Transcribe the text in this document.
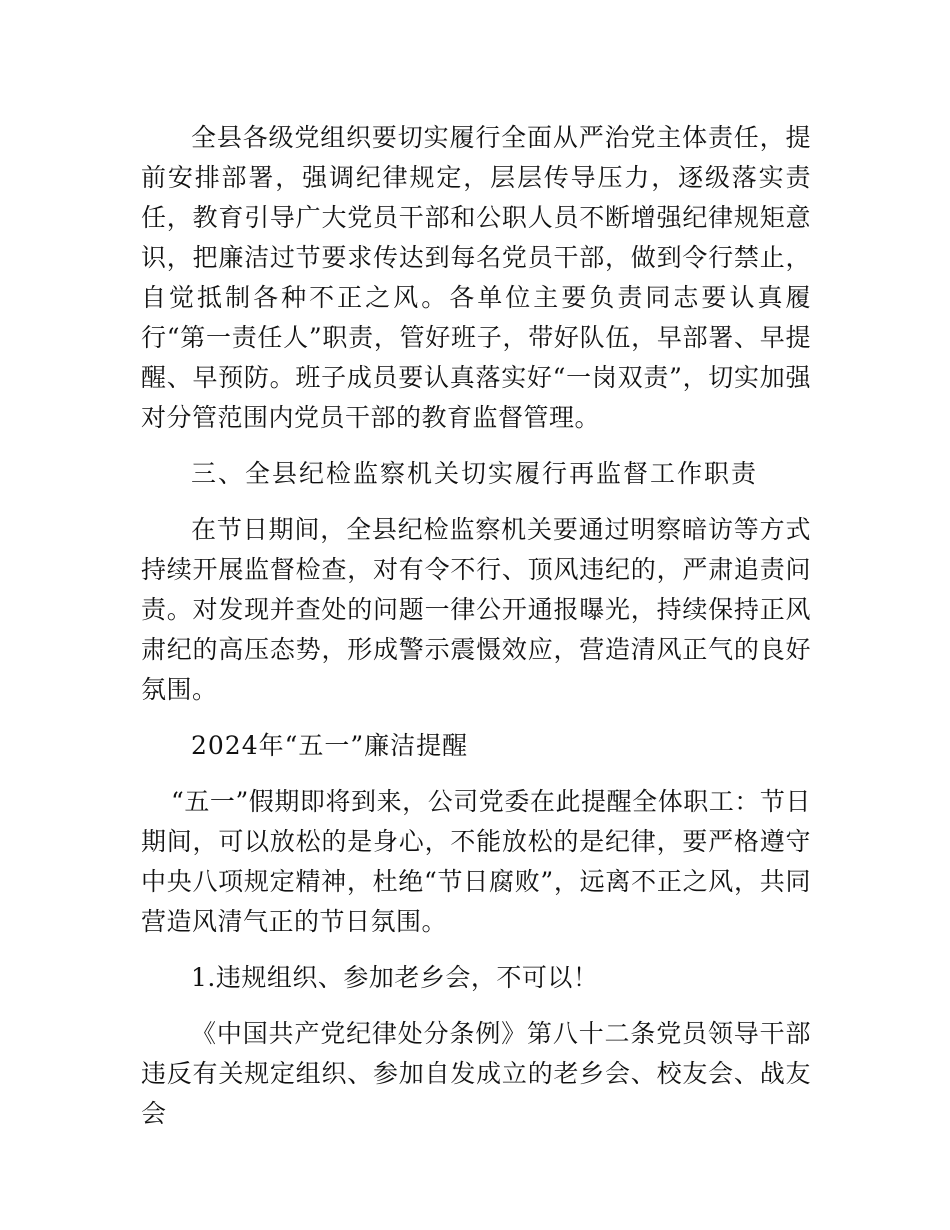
全县各级党组织要切实履行全面从严治党主体责任，提前安排部署，强调纪律规定，层层传导压力，逐级落实责任，教育引导广大党员干部和公职人员不断增强纪律规矩意识，把廉洁过节要求传达到每名党员干部，做到令行禁止，自觉抵制各种不正之风。各单位主要负责同志要认真履行“第一责任人”职责，管好班子，带好队伍，早部署、早提醒、早预防。班子成员要认真落实好“一岗双责”，切实加强对分管范围内党员干部的教育监督管理。

三、全县纪检监察机关切实履行再监督工作职责

在节日期间，全县纪检监察机关要通过明察暗访等方式持续开展监督检查，对有令不行、顶风违纪的，严肃追责问责。对发现并查处的问题一律公开通报曝光，持续保持正风肃纪的高压态势，形成警示震慑效应，营造清风正气的良好氛围。

2024年“五一”廉洁提醒

“五一”假期即将到来，公司党委在此提醒全体职工：节日期间，可以放松的是身心，不能放松的是纪律，要严格遵守中央八项规定精神，杜绝“节日腐败”，远离不正之风，共同营造风清气正的节日氛围。

1.违规组织、参加老乡会，不可以！

《中国共产党纪律处分条例》第八十二条党员领导干部违反有关规定组织、参加自发成立的老乡会、校友会、战友会
